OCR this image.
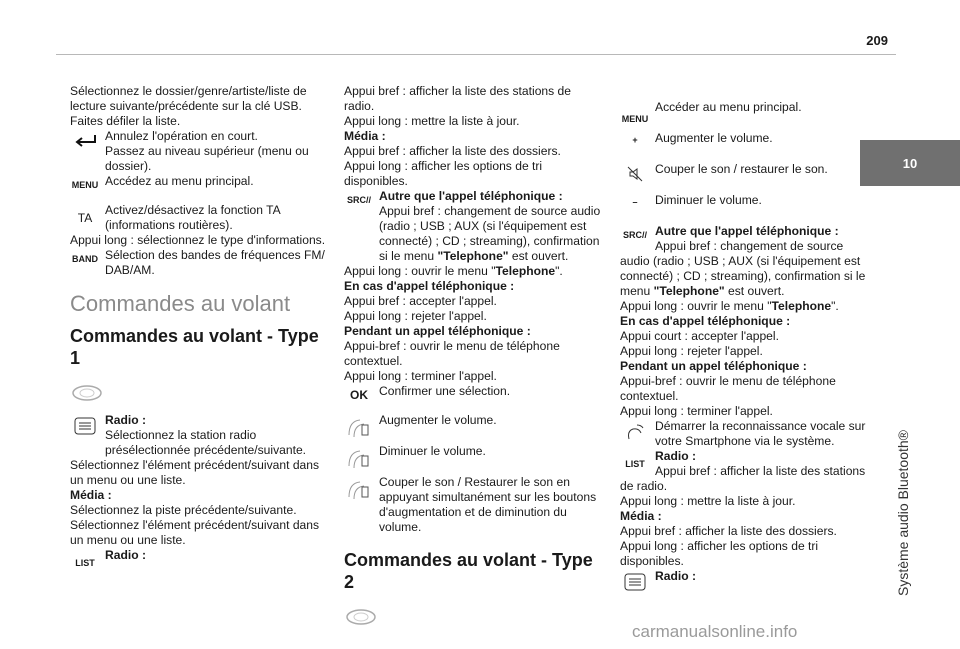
209
10
Système audio Bluetooth®

Sélectionnez le dossier/genre/artiste/liste de lecture suivante/précédente sur la clé USB.

Faites défiler la liste.

Annulez l'opération en court.

Passez au niveau supérieur (menu ou dossier).

MENU Accédez au menu principal.

TA

Activez/désactivez la fonction TA (informations routières).

Appui long : sélectionnez le type d'informations.

BAND Sélection des bandes de fréquences FM/ DAB/AM.

Commandes au volant
Commandes au volant - Type 1

Radio :

Sélectionnez la station radio présélectionnée précédente/suivante.

Sélectionnez l'élément précédent/suivant dans un menu ou une liste.

Média :

Sélectionnez la piste précédente/suivante.

Sélectionnez l'élément précédent/suivant dans un menu ou une liste.

LIST

Radio :

Appui bref : afficher la liste des stations de radio.

Appui long : mettre la liste à jour.

Média :

Appui bref : afficher la liste des dossiers.

Appui long : afficher les options de tri disponibles.

SRC// Autre que l'appel téléphonique :

Appui bref : changement de source audio (radio ; USB ; AUX (si l'équipement est connecté) ; CD ; streaming), confirmation si le menu "Telephone" est ouvert.

Appui long : ouvrir le menu "Telephone".

En cas d'appel téléphonique :

Appui bref : accepter l'appel.

Appui long : rejeter l'appel.

Pendant un appel téléphonique :

Appui-bref : ouvrir le menu de téléphone contextuel.

Appui long : terminer l'appel.

OK Confirmer une sélection.

Augmenter le volume.

Diminuer le volume.

Couper le son / Restaurer le son en appuyant simultanément sur les boutons d'augmentation et de diminution du volume.

Commandes au volant - Type 2
MENU

Accéder au menu principal.

+	Augmenter le volume.

Couper le son / restaurer le son.

–	Diminuer le volume.

SRC// Autre que l'appel téléphonique :

Appui bref : changement de source

audio (radio ; USB ; AUX (si l'équipement est connecté) ; CD ; streaming), confirmation si le menu "Telephone" est ouvert.

Appui long : ouvrir le menu "Telephone".

En cas d'appel téléphonique :

Appui court : accepter l'appel.

Appui long : rejeter l'appel.

Pendant un appel téléphonique :

Appui-bref : ouvrir le menu de téléphone contextuel.

Appui long : terminer l'appel.

Démarrer la reconnaissance vocale sur votre Smartphone via le système.

LIST

Radio :

Appui bref : afficher la liste des stations

de radio.

Appui long : mettre la liste à jour.

Média :

Appui bref : afficher la liste des dossiers.

Appui long : afficher les options de tri disponibles.

Radio :

carmanualsonline.info
